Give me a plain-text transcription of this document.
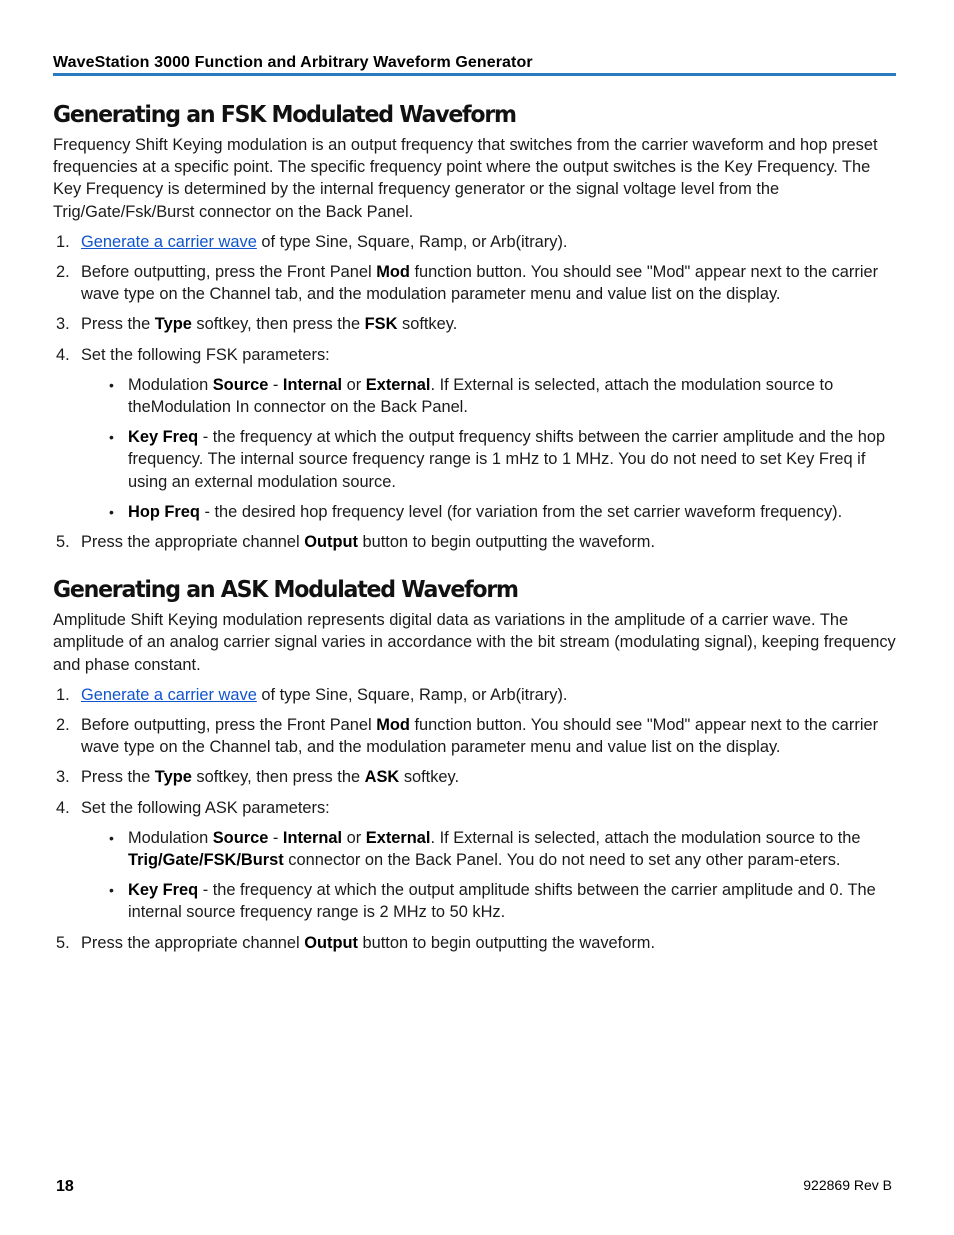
WaveStation 3000 Function and Arbitrary Waveform Generator
Generating an FSK Modulated Waveform

Frequency Shift Keying modulation is an output frequency that switches from the carrier waveform and hop preset frequencies at a specific point. The specific frequency point where the output switches is the Key Frequency. The Key Frequency is determined by the internal frequency generator or the signal voltage level from the Trig/Gate/Fsk/Burst connector on the Back Panel.

1. Generate a carrier wave of type Sine, Square, Ramp, or Arb(itrary).
2. Before outputting, press the Front Panel Mod function button. You should see "Mod" appear next to the carrier wave type on the Channel tab, and the modulation parameter menu and value list on the display.
3. Press the Type softkey, then press the FSK softkey.
4. Set the following FSK parameters:
• Modulation Source - Internal or External. If External is selected, attach the modulation source to theModulation In connector on the Back Panel.
• Key Freq - the frequency at which the output frequency shifts between the carrier amplitude and the hop frequency. The internal source frequency range is 1 mHz to 1 MHz. You do not need to set Key Freq if using an external modulation source.
• Hop Freq - the desired hop frequency level (for variation from the set carrier waveform frequency).
5. Press the appropriate channel Output button to begin outputting the waveform.
Generating an ASK Modulated Waveform

Amplitude Shift Keying modulation represents digital data as variations in the amplitude of a carrier wave. The amplitude of an analog carrier signal varies in accordance with the bit stream (modulating signal), keeping frequency and phase constant.

1. Generate a carrier wave of type Sine, Square, Ramp, or Arb(itrary).
2. Before outputting, press the Front Panel Mod function button. You should see "Mod" appear next to the carrier wave type on the Channel tab, and the modulation parameter menu and value list on the display.
3. Press the Type softkey, then press the ASK softkey.
4. Set the following ASK parameters:
• Modulation Source - Internal or External. If External is selected, attach the modulation source to the Trig/Gate/FSK/Burst connector on the Back Panel. You do not need to set any other param-eters.
• Key Freq - the frequency at which the output amplitude shifts between the carrier amplitude and 0. The internal source frequency range is 2 MHz to 50 kHz.
5. Press the appropriate channel Output button to begin outputting the waveform.
18	922869 Rev B
